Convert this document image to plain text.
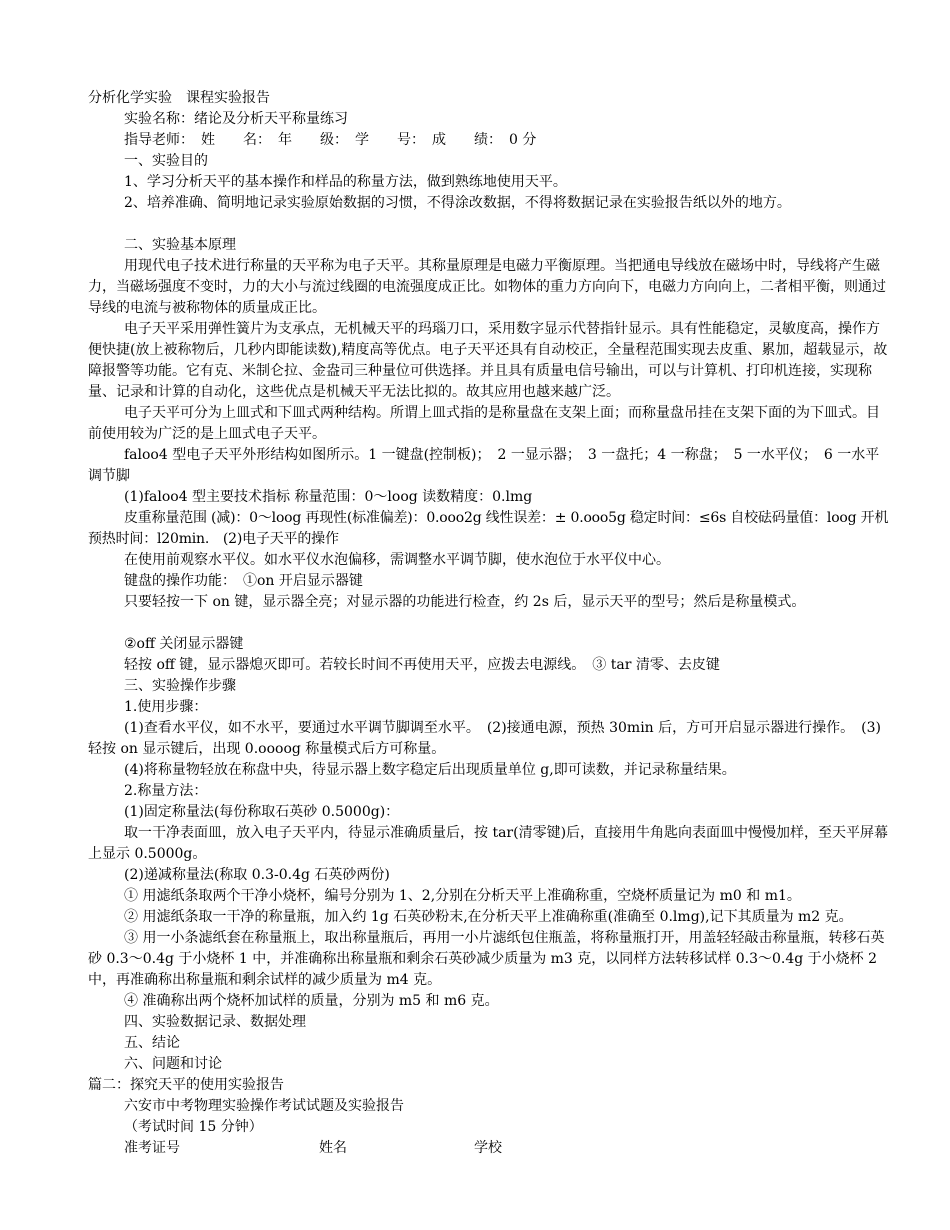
分析化学实验　课程实验报告

实验名称：绪论及分析天平称量练习

指导老师：　姓　　名：　年　　级：　学　　号：　成　　绩：　0 分

一、实验目的

1、学习分析天平的基本操作和样品的称量方法，做到熟练地使用天平。

2、培养准确、简明地记录实验原始数据的习惯，不得涂改数据，不得将数据记录在实验报告纸以外的地方。

二、实验基本原理

用现代电子技术进行称量的天平称为电子天平。其称量原理是电磁力平衡原理。当把通电导线放在磁场中时，导线将产生磁力，当磁场强度不变时，力的大小与流过线圈的电流强度成正比。如物体的重力方向向下，电磁力方向向上，二者相平衡，则通过导线的电流与被称物体的质量成正比。

电子天平采用弹性簧片为支承点，无机械天平的玛瑙刀口，采用数字显示代替指针显示。具有性能稳定，灵敏度高，操作方便快捷(放上被称物后，几秒内即能读数),精度高等优点。电子天平还具有自动校正，全量程范围实现去皮重、累加，超载显示，故障报警等功能。它有克、米制仑拉、金盎司三种量位可供选择。并且具有质量电信号输出，可以与计算机、打印机连接，实现称量、记录和计算的自动化，这些优点是机械天平无法比拟的。故其应用也越来越广泛。

电子天平可分为上皿式和下皿式两种结构。所谓上皿式指的是称量盘在支架上面；而称量盘吊挂在支架下面的为下皿式。目前使用较为广泛的是上皿式电子天平。

faloo4 型电子天平外形结构如图所示。1 一键盘(控制板)；　2 一显示器；　3 一盘托；4 一称盘；　5 一水平仪；　6 一水平调节脚

(1)faloo4 型主要技术指标 称量范围：0～loog 读数精度：0.lmg

皮重称量范围 (减)：0～loog 再现性(标准偏差)：0.ooo2g 线性误差：± 0.ooo5g 稳定时间：≤6s 自校砝码量值：loog 开机预热时间：l20min.　(2)电子天平的操作

在使用前观察水平仪。如水平仪水泡偏移，需调整水平调节脚，使水泡位于水平仪中心。

键盘的操作功能：　①on 开启显示器键

只要轻按一下 on 键，显示器全亮；对显示器的功能进行检查，约 2s 后，显示天平的型号；然后是称量模式。

②off 关闭显示器键

轻按 off 键，显示器熄灭即可。若较长时间不再使用天平，应拨去电源线。　③ tar 清零、去皮键

三、实验操作步骤

1.使用步骤：

(1)查看水平仪，如不水平，要通过水平调节脚调至水平。　(2)接通电源，预热 30min 后，方可开启显示器进行操作。　(3)轻按 on 显示键后，出现 0.oooog 称量模式后方可称量。

(4)将称量物轻放在称盘中央，待显示器上数字稳定后出现质量单位 g,即可读数，并记录称量结果。

2.称量方法：

(1)固定称量法(每份称取石英砂 0.5000g)：

取一干净表面皿，放入电子天平内，待显示准确质量后，按 tar(清零键)后，直接用牛角匙向表面皿中慢慢加样，至天平屏幕上显示 0.5000g。

(2)递减称量法(称取 0.3-0.4g 石英砂两份)

① 用滤纸条取两个干净小烧杯，编号分别为 1、2,分别在分析天平上准确称重，空烧杯质量记为 m0 和 m1。

② 用滤纸条取一干净的称量瓶，加入约 1g 石英砂粉末,在分析天平上准确称重(准确至 0.lmg),记下其质量为 m2 克。

③ 用一小条滤纸套在称量瓶上，取出称量瓶后，再用一小片滤纸包住瓶盖，将称量瓶打开，用盖轻轻敲击称量瓶，转移石英砂 0.3～0.4g 于小烧杯 1 中，并准确称出称量瓶和剩余石英砂减少质量为 m3 克，以同样方法转移试样 0.3～0.4g 于小烧杯 2 中，再准确称出称量瓶和剩余试样的减少质量为 m4 克。

④ 准确称出两个烧杯加试样的质量，分别为 m5 和 m6 克。

四、实验数据记录、数据处理

五、结论

六、问题和讨论

篇二：探究天平的使用实验报告

六安市中考物理实验操作考试试题及实验报告

（考试时间 15 分钟）

准考证号	姓名	学校
